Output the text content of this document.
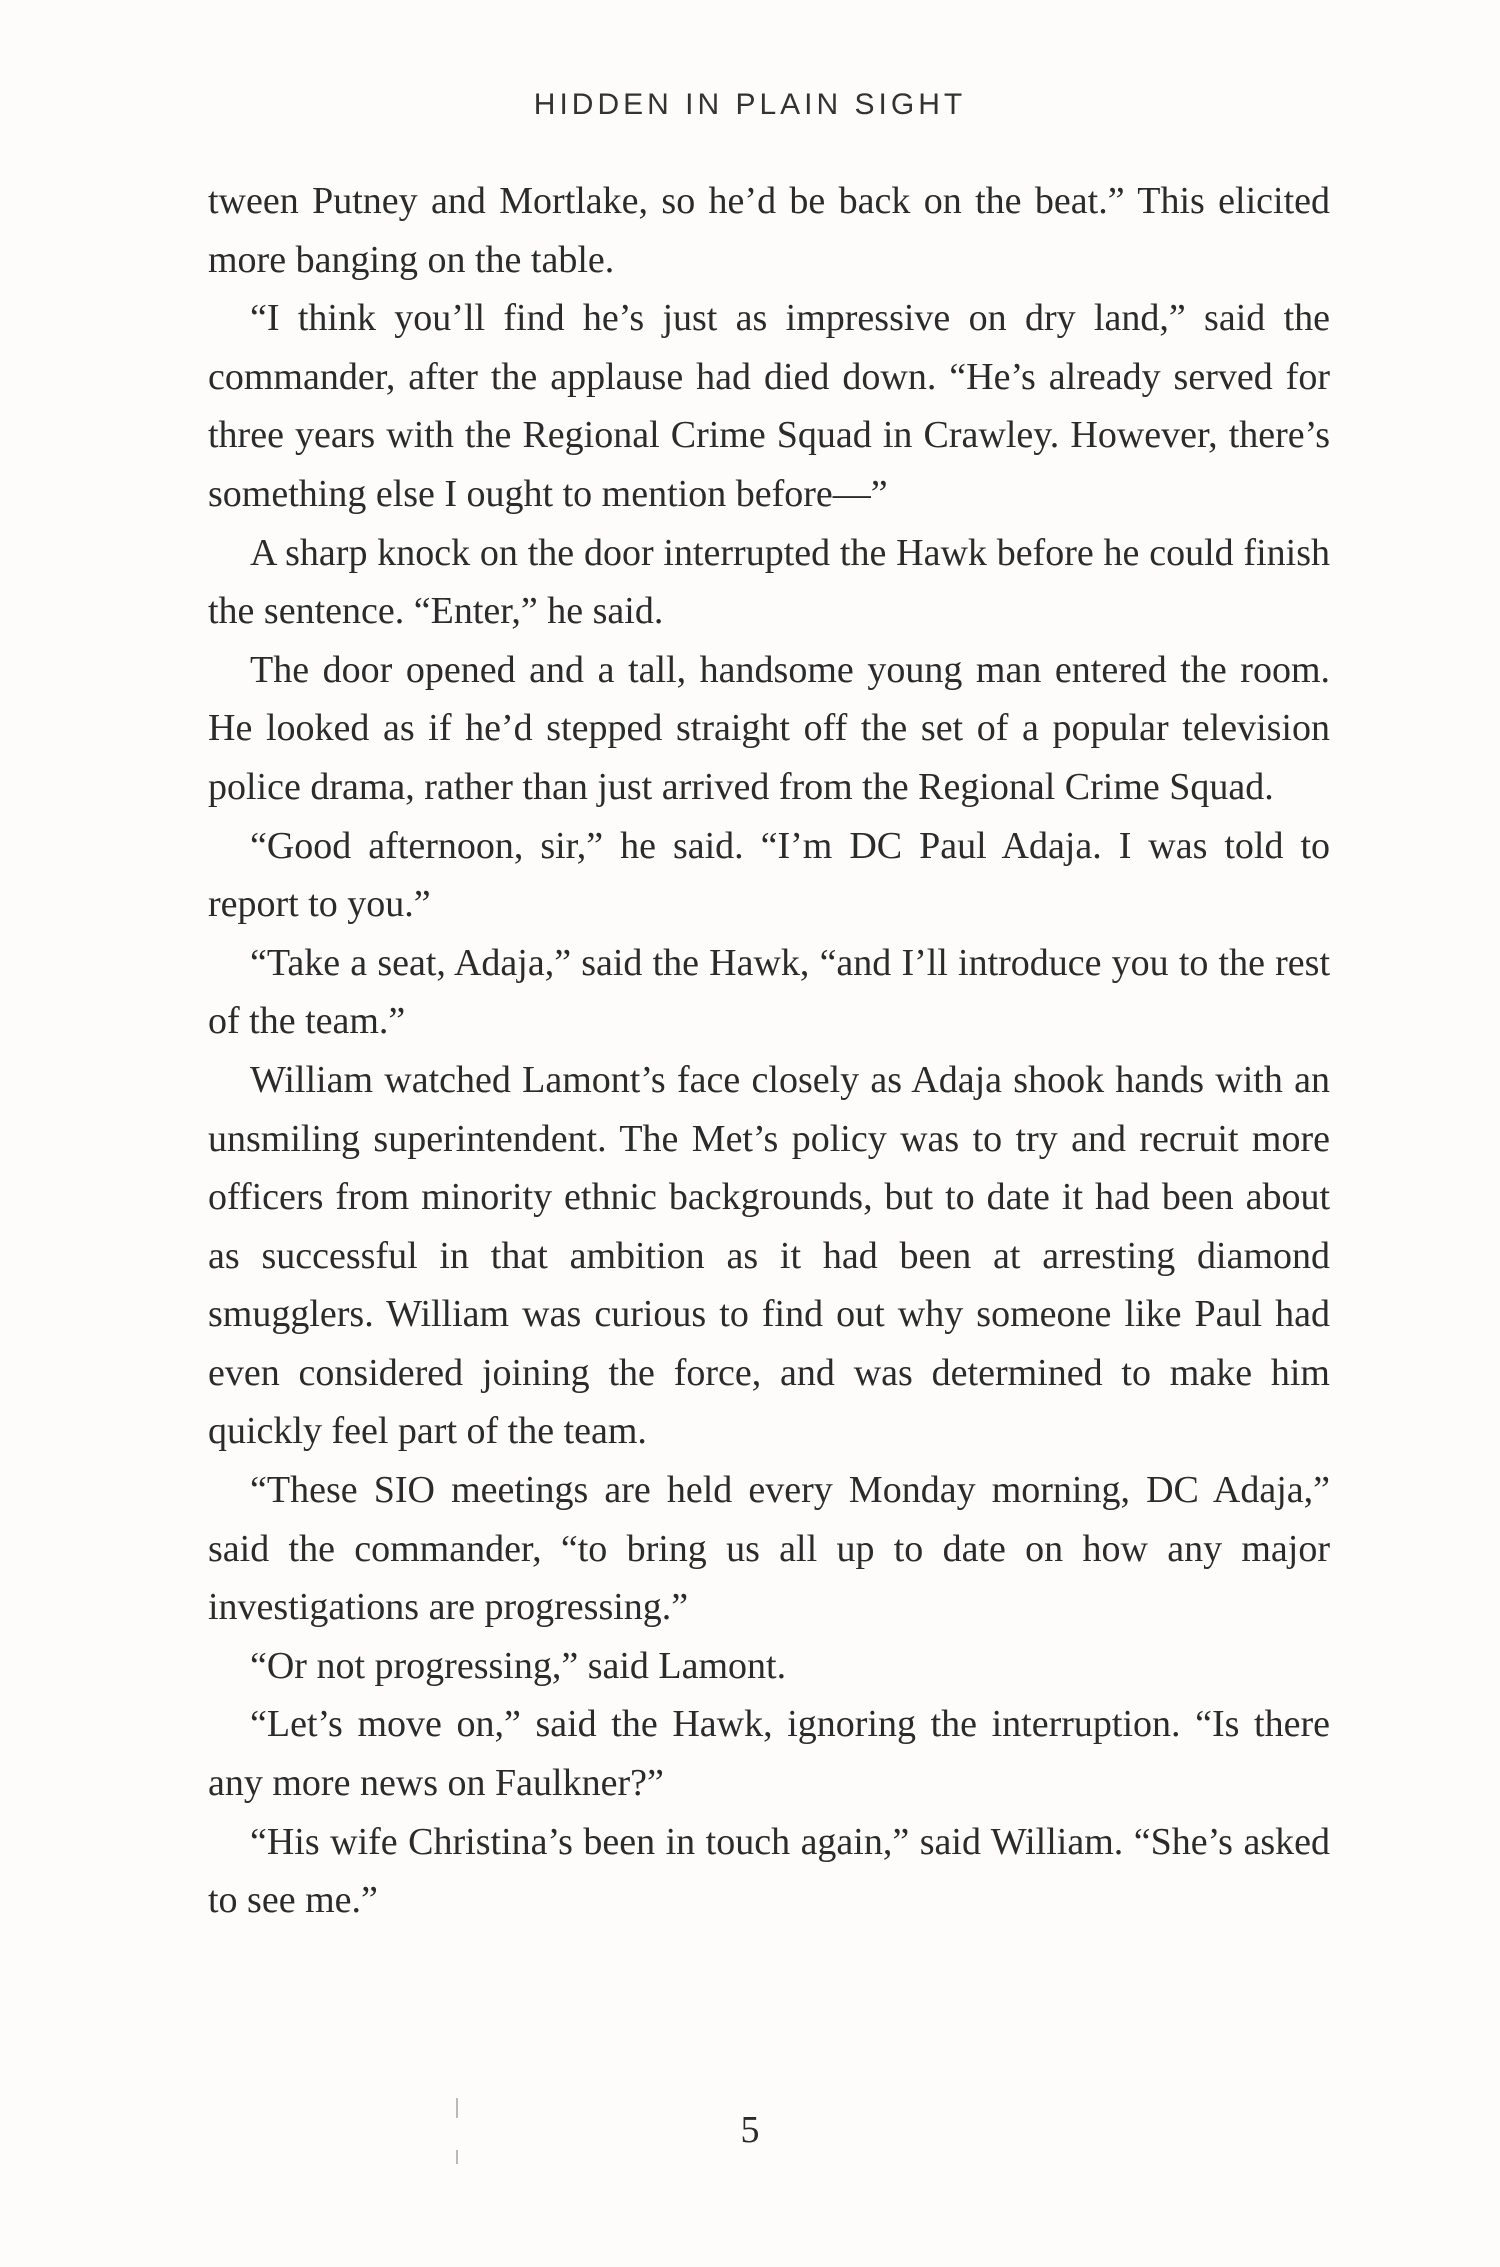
HIDDEN IN PLAIN SIGHT

tween Putney and Mortlake, so he’d be back on the beat.” This elicited more banging on the table.

“I think you’ll find he’s just as impressive on dry land,” said the commander, after the applause had died down. “He’s already served for three years with the Regional Crime Squad in Crawley. However, there’s something else I ought to mention before—”

A sharp knock on the door interrupted the Hawk before he could finish the sentence. “Enter,” he said.

The door opened and a tall, handsome young man entered the room. He looked as if he’d stepped straight off the set of a popular television police drama, rather than just arrived from the Regional Crime Squad.

“Good afternoon, sir,” he said. “I’m DC Paul Adaja. I was told to report to you.”

“Take a seat, Adaja,” said the Hawk, “and I’ll introduce you to the rest of the team.”

William watched Lamont’s face closely as Adaja shook hands with an unsmiling superintendent. The Met’s policy was to try and recruit more officers from minority ethnic backgrounds, but to date it had been about as successful in that ambition as it had been at arresting diamond smugglers. William was curious to find out why someone like Paul had even considered joining the force, and was determined to make him quickly feel part of the team.

“These SIO meetings are held every Monday morning, DC Adaja,” said the commander, “to bring us all up to date on how any major investigations are progressing.”

“Or not progressing,” said Lamont.

“Let’s move on,” said the Hawk, ignoring the interruption. “Is there any more news on Faulkner?”

“His wife Christina’s been in touch again,” said William. “She’s asked to see me.”

5
